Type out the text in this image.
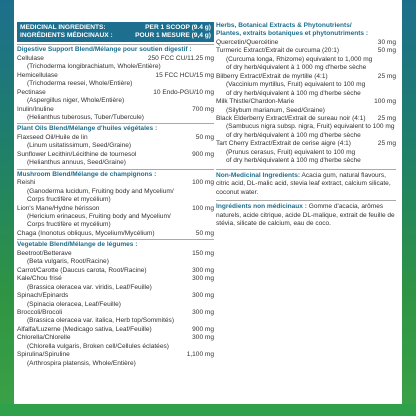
MEDICINAL INGREDIENTS:
INGRÉDIENTS MÉDICINAUX :
PER 1 SCOOP (9.4 g)
POUR 1 MESURE (9,4 g)
Digestive Support Blend/Mélange pour soutien digestif :
Cellulase	250 FCC CU/11.25 mg
(Trichoderma longibrachiatum, Whole/Entière)
Hemicellulase	15 FCC HCU/15 mg
(Trichoderma reesei, Whole/Entière)
Pectinase	10 Endo-PGU/10 mg
(Aspergillus niger, Whole/Entière)
Inulin/Inuline	700 mg
(Helianthus tuberosus, Tuber/Tubercule)
Plant Oils Blend/Mélange d'huiles végétales :
Flaxseed Oil/Huile de lin	50 mg
(Linum usitatissimum, Seed/Graine)
Sunflower Lecithin/Lécithine de tournesol	900 mg
(Helianthus annuus, Seed/Graine)
Mushroom Blend/Mélange de champignons :
Reishi	100 mg
(Ganoderma lucidum, Fruiting body and Mycelium/
Corps fructifère et mycélium)
Lion's Mane/Hydne hérisson	100 mg
(Hericium erinaceus, Fruiting body and Mycelium/
Corps fructifère et mycélium)
Chaga (Inonotus obliquus, Mycelium/Mycélium)	50 mg
Vegetable Blend/Mélange de légumes :
Beetroot/Betterave	150 mg
(Beta vulgaris, Root/Racine)
Carrot/Carotte (Daucus carota, Root/Racine)	300 mg
Kale/Chou frisé	300 mg
(Brassica oleracea var. viridis, Leaf/Feuille)
Spinach/Épinards	300 mg
(Spinacia oleracea, Leaf/Feuille)
Broccoli/Brocoli	300 mg
(Brassica oleracea var. italica, Herb top/Sommités)
Alfalfa/Luzerne (Medicago sativa, Leaf/Feuille)	900 mg
Chlorella/Chlorelle	300 mg
(Chlorella vulgaris, Broken cell/Cellules éclatées)
Spirulina/Spiruline	1,100 mg
(Arthrospira platensis, Whole/Entière)
Herbs, Botanical Extracts & Phytonutrients/
Plantes, extraits botaniques et phytonutriments :
Quercetin/Quercétine	30 mg
Turmeric Extract/Extrait de curcuma (20:1)	50 mg
(Curcuma longa, Rhizome) equivalent to 1,000 mg
of dry herb/équivalent à 1 000 mg d'herbe sèche
Bilberry Extract/Extrait de myrtille (4:1)	25 mg
(Vaccinium myrtillus, Fruit) equivalent to 100 mg
of dry herb/équivalent à 100 mg d'herbe sèche
Milk Thistle/Chardon-Marie	100 mg
(Silybum marianum, Seed/Graine)
Black Elderberry Extract/Extrait de sureau noir (4:1) 25 mg
(Sambucus nigra subsp. nigra, Fruit) equivalent to 100 mg
of dry herb/équivalent à 100 mg d'herbe sèche
Tart Cherry Extract/Extrait de cerise aigre (4:1)	25 mg
(Prunus cerasus, Fruit) equivalent to 100 mg
of dry herb/équivalent à 100 mg d'herbe sèche
Non-Medicinal Ingredients: Acacia gum, natural flavours, citric acid, DL-malic acid, stevia leaf extract, calcium silicate, coconut water.
Ingrédients non médicinaux : Gomme d'acacia, arômes naturels, acide citrique, acide DL-malique, extrait de feuille de stévia, silicate de calcium, eau de coco.
